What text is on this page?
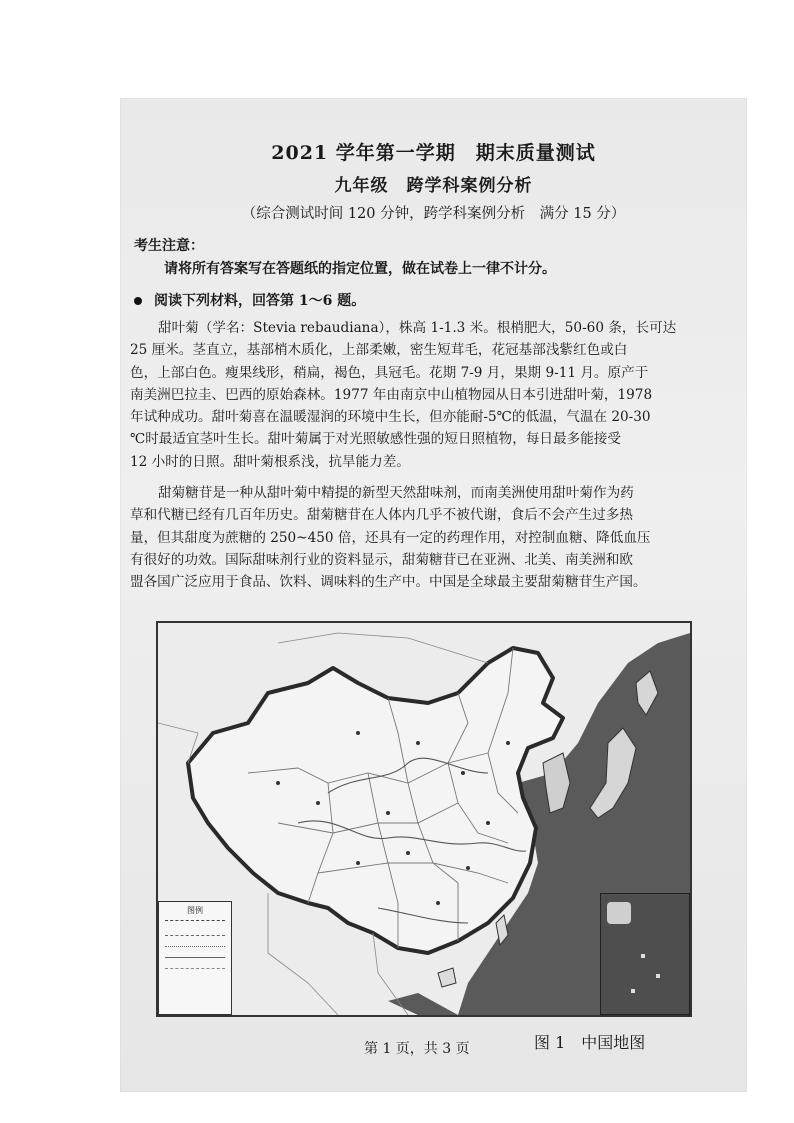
2021 学年第一学期　期末质量测试
九年级　跨学科案例分析
（综合测试时间 120 分钟，跨学科案例分析　满分 15 分）
考生注意：
请将所有答案写在答题纸的指定位置，做在试卷上一律不计分。
阅读下列材料，回答第 1～6 题。
甜叶菊（学名：Stevia rebaudiana），株高 1-1.3 米。根梢肥大，50-60 条，长可达
25 厘米。茎直立，基部梢木质化，上部柔嫩，密生短茸毛，花冠基部浅紫红色或白
色，上部白色。瘦果线形，稍扁，褐色，具冠毛。花期 7-9 月，果期 9-11 月。原产于
南美洲巴拉圭、巴西的原始森林。1977 年由南京中山植物园从日本引进甜叶菊，1978
年试种成功。甜叶菊喜在温暖湿润的环境中生长，但亦能耐-5℃的低温，气温在 20-30
℃时最适宜茎叶生长。甜叶菊属于对光照敏感性强的短日照植物，每日最多能接受
12 小时的日照。甜叶菊根系浅，抗旱能力差。
甜菊糖苷是一种从甜叶菊中精提的新型天然甜味剂，而南美洲使用甜叶菊作为药
草和代糖已经有几百年历史。甜菊糖苷在人体内几乎不被代谢，食后不会产生过多热
量，但其甜度为蔗糖的 250~450 倍，还具有一定的药理作用，对控制血糖、降低血压
有很好的功效。国际甜味剂行业的资料显示，甜菊糖苷已在亚洲、北美、南美洲和欧
盟各国广泛应用于食品、饮料、调味料的生产中。中国是全球最主要甜菊糖苷生产国。
图例
第 1 页，共 3 页	图 1　中国地图
